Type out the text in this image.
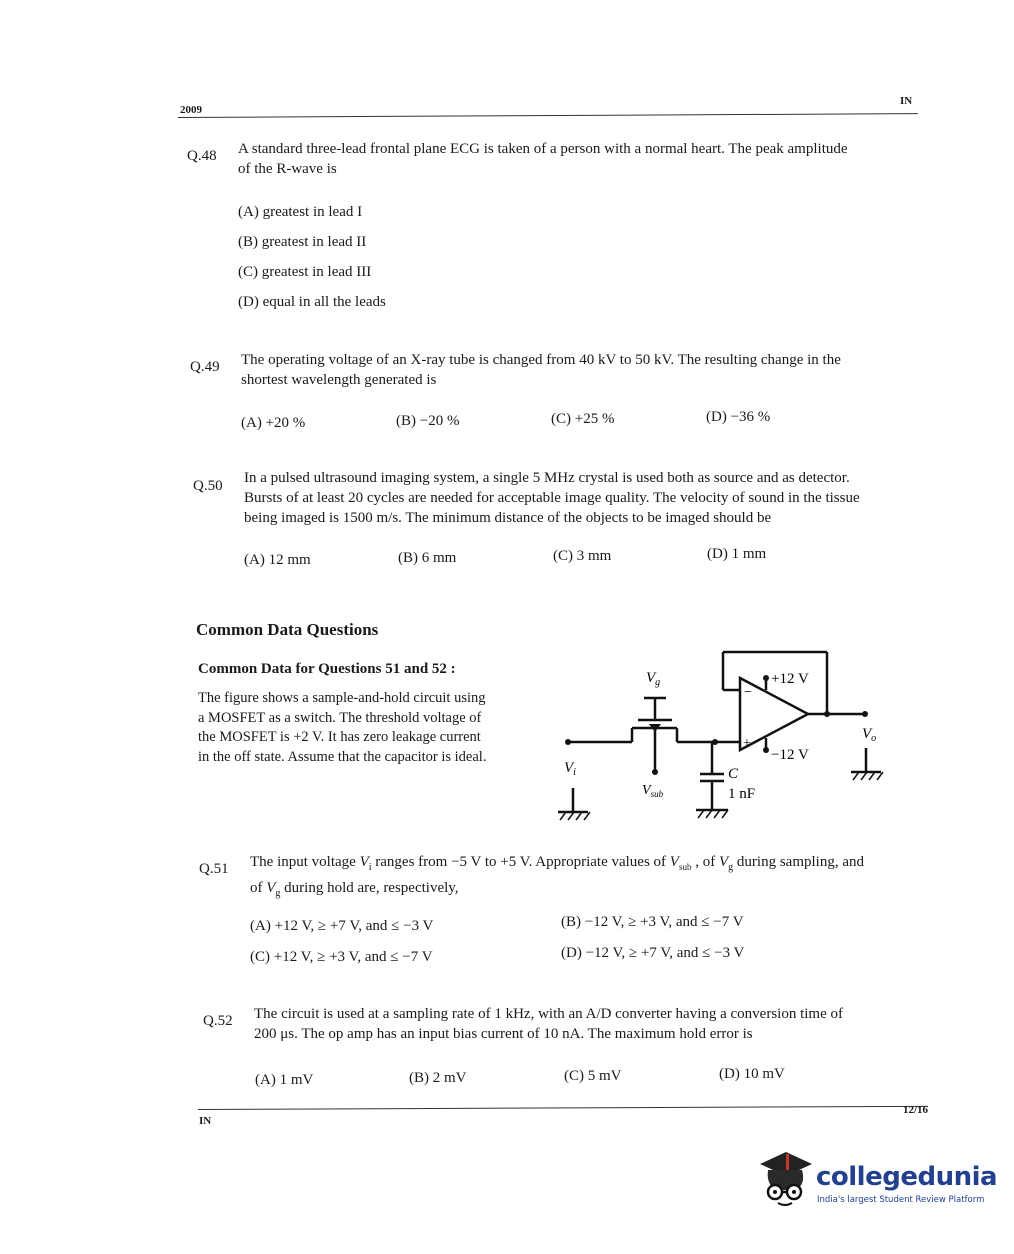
2009
IN
Q.48 A standard three-lead frontal plane ECG is taken of a person with a normal heart. The peak amplitude
of the R-wave is
(A) greatest in lead I
(B) greatest in lead II
(C) greatest in lead III
(D) equal in all the leads
Q.49 The operating voltage of an X-ray tube is changed from 40 kV to 50 kV. The resulting change in the
shortest wavelength generated is
(A) +20 %	(B) −20 %	(C) +25 %	(D) −36 %
Q.50 In a pulsed ultrasound imaging system, a single 5 MHz crystal is used both as source and as detector.
Bursts of at least 20 cycles are needed for acceptable image quality. The velocity of sound in the tissue
being imaged is 1500 m/s. The minimum distance of the objects to be imaged should be
(A) 12 mm	(B) 6 mm	(C) 3 mm	(D) 1 mm
Common Data Questions
Common Data for Questions 51 and 52 :
The figure shows a sample-and-hold circuit using
a MOSFET as a switch. The threshold voltage of
the MOSFET is +2 V. It has zero leakage current
in the off state. Assume that the capacitor is ideal.
$V_g$
$V_{sub}$
$V_i$
$V_o$
+12 V
−12 V
C
1 nF
−
+
Q.51 The input voltage $V_i$ ranges from −5 V to +5 V. Appropriate values of $V_{sub}$ , of $V_g$ during sampling, and
of $V_g$ during hold are, respectively,
(A) +12 V, ≥ +7 V, and ≤ −3 V	(B) −12 V, ≥ +3 V, and ≤ −7 V
(C) +12 V, ≥ +3 V, and ≤ −7 V	(D) −12 V, ≥ +7 V, and ≤ −3 V
Q.52 The circuit is used at a sampling rate of 1 kHz, with an A/D converter having a conversion time of
200 μs. The op amp has an input bias current of 10 nA. The maximum hold error is
(A) 1 mV	(B) 2 mV	(C) 5 mV	(D) 10 mV
IN
12/16
collegedunia
India's largest Student Review Platform
